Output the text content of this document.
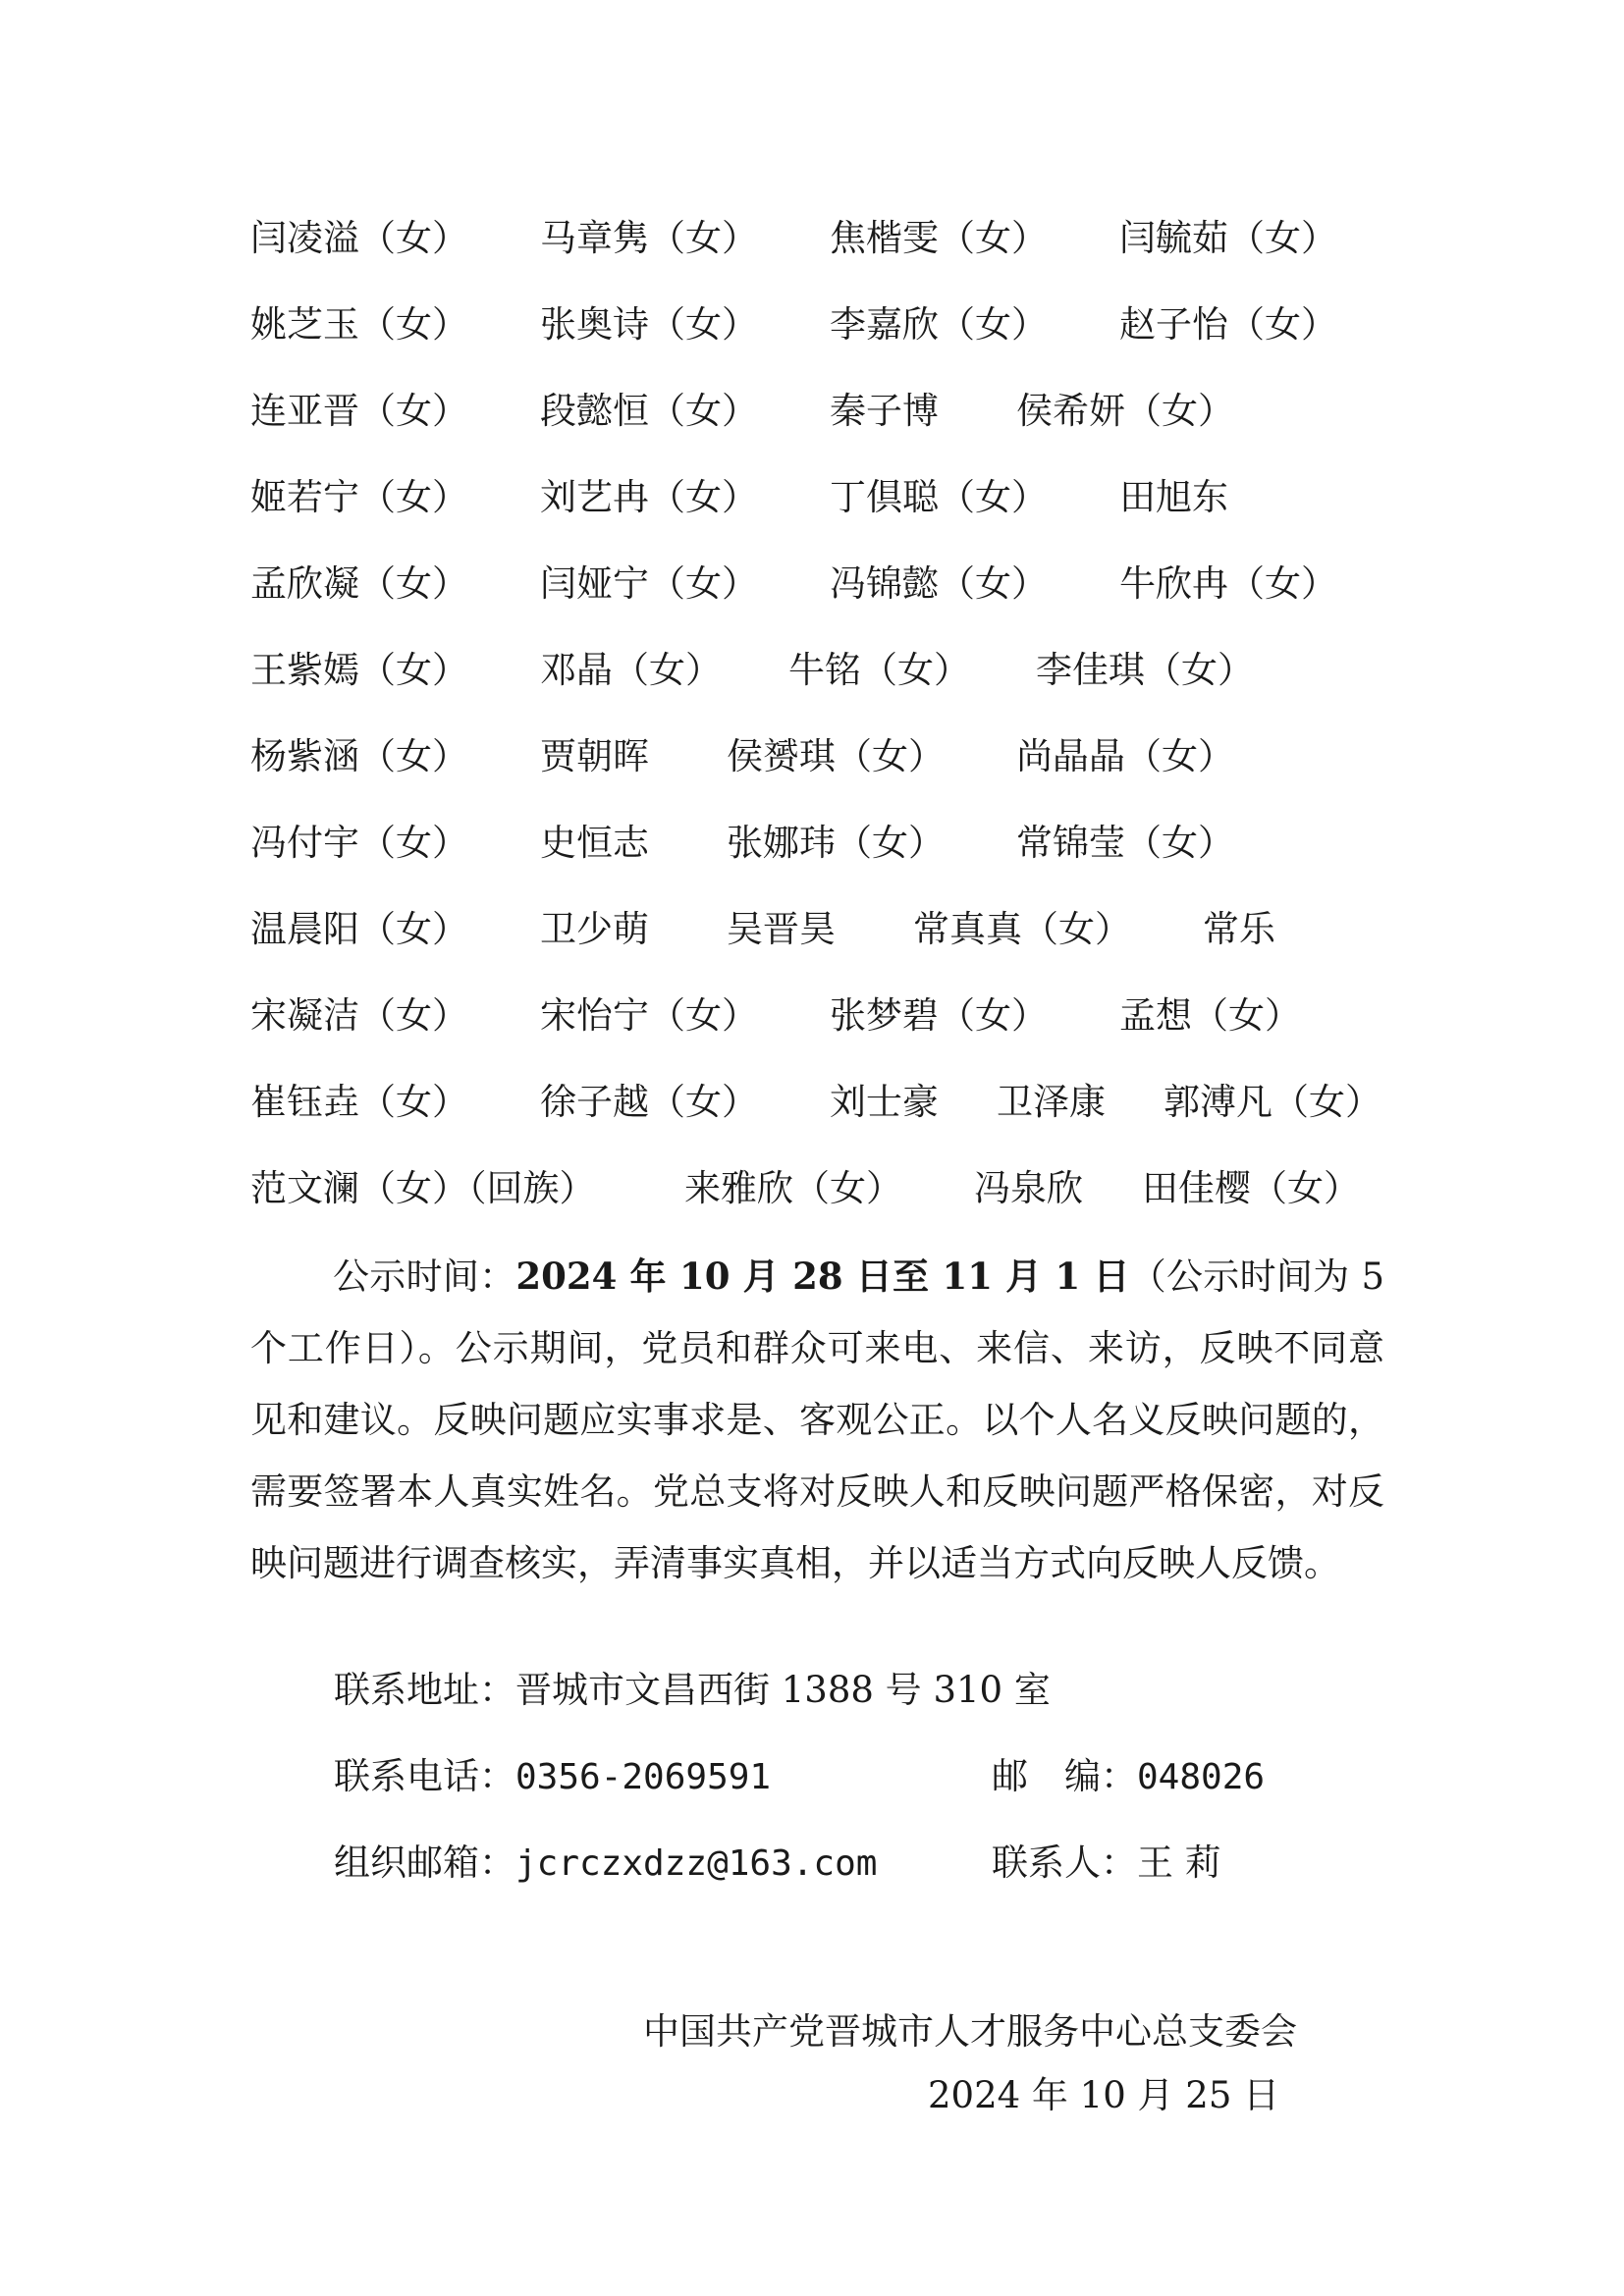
闫凌溢（女） 马章隽（女） 焦楷雯（女） 闫毓茹（女）
姚芝玉（女） 张奥诗（女） 李嘉欣（女） 赵子怡（女）
连亚晋（女） 段懿恒（女） 秦子博 侯希妍（女）
姬若宁（女） 刘艺冉（女） 丁倶聪（女） 田旭东
孟欣凝（女） 闫娅宁（女） 冯锦懿（女） 牛欣冉（女）
王紫嫣（女） 邓晶（女） 牛铭（女） 李佳琪（女）
杨紫涵（女） 贾朝晖 侯赟琪（女） 尚晶晶（女）
冯付宇（女） 史恒志 张娜玮（女） 常锦莹（女）
温晨阳（女） 卫少萌 吴晋昊 常真真（女） 常乐
宋凝洁（女） 宋怡宁（女） 张梦碧（女） 孟想（女）
崔钰垚（女） 徐子越（女） 刘士豪 卫泽康 郭溥凡（女）
范文澜（女）（回族） 来雅欣（女） 冯泉欣 田佳樱（女）

公示时间：2024 年 10 月 28 日至 11 月 1 日（公示时间为 5 个工作日）。公示期间，党员和群众可来电、来信、来访，反映不同意见和建议。反映问题应实事求是、客观公正。以个人名义反映问题的，需要签署本人真实姓名。党总支将对反映人和反映问题严格保密，对反映问题进行调查核实，弄清事实真相，并以适当方式向反映人反馈。

联系地址：晋城市文昌西街 1388 号 310 室
联系电话：0356-2069591	邮　编：048026
组织邮箱：jcrczxdzz@163.com	联系人：王 莉
中国共产党晋城市人才服务中心总支委会
2024 年 10 月 25 日
